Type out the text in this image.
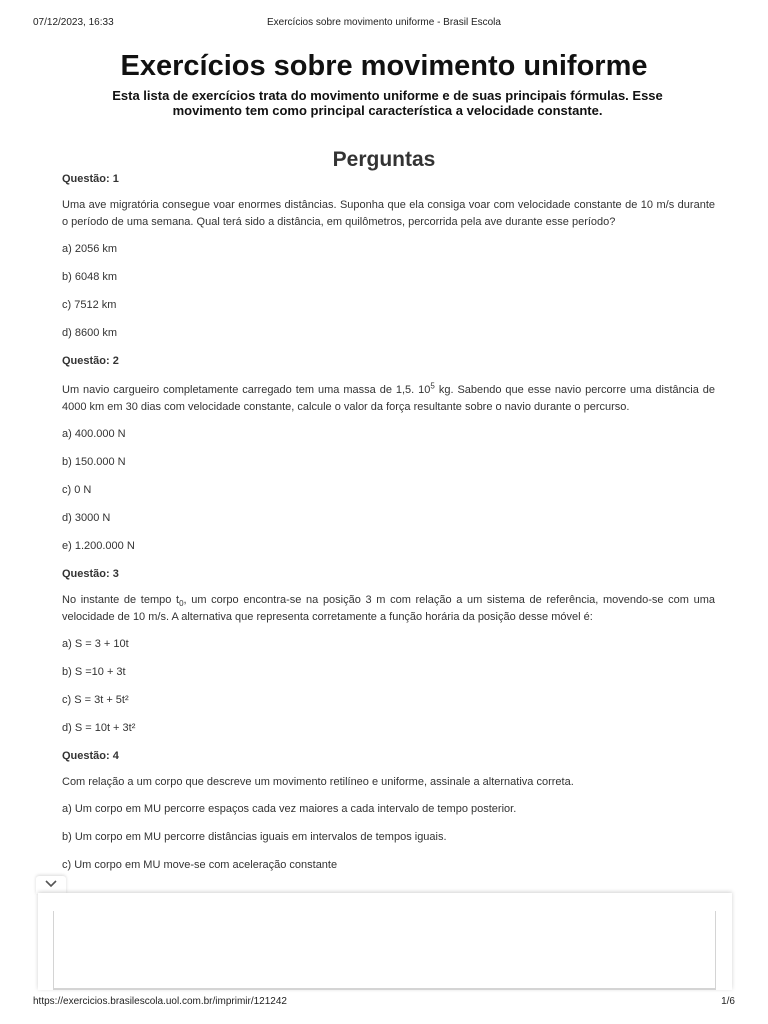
Exercícios sobre movimento uniforme - Brasil Escola
07/12/2023, 16:33
Exercícios sobre movimento uniforme

Esta lista de exercícios trata do movimento uniforme e de suas principais fórmulas. Esse movimento tem como principal característica a velocidade constante.

Perguntas

Questão: 1

Uma ave migratória consegue voar enormes distâncias. Suponha que ela consiga voar com velocidade constante de 10 m/s durante o período de uma semana. Qual terá sido a distância, em quilômetros, percorrida pela ave durante esse período?

a) 2056 km

b) 6048 km

c) 7512 km

d) 8600 km

Questão: 2

Um navio cargueiro completamente carregado tem uma massa de 1,5. $10^5$ kg. Sabendo que esse navio percorre uma distância de 4000 km em 30 dias com velocidade constante, calcule o valor da força resultante sobre o navio durante o percurso.

a) 400.000 N

b) 150.000 N

c) 0 N

d) 3000 N

e) 1.200.000 N

Questão: 3

No instante de tempo $t_0$, um corpo encontra-se na posição 3 m com relação a um sistema de referência, movendo-se com uma velocidade de 10 m/s. A alternativa que representa corretamente a função horária da posição desse móvel é:

a) S = 3 + 10t

b) S =10 + 3t

c) S = 3t + 5t²

d) S = 10t + 3t²

Questão: 4

Com relação a um corpo que descreve um movimento retilíneo e uniforme, assinale a alternativa correta.

a) Um corpo em MU percorre espaços cada vez maiores a cada intervalo de tempo posterior.

b) Um corpo em MU percorre distâncias iguais em intervalos de tempos iguais.

c) Um corpo em MU move-se com aceleração constante

https://exercicios.brasilescola.uol.com.br/imprimir/121242	1/6
